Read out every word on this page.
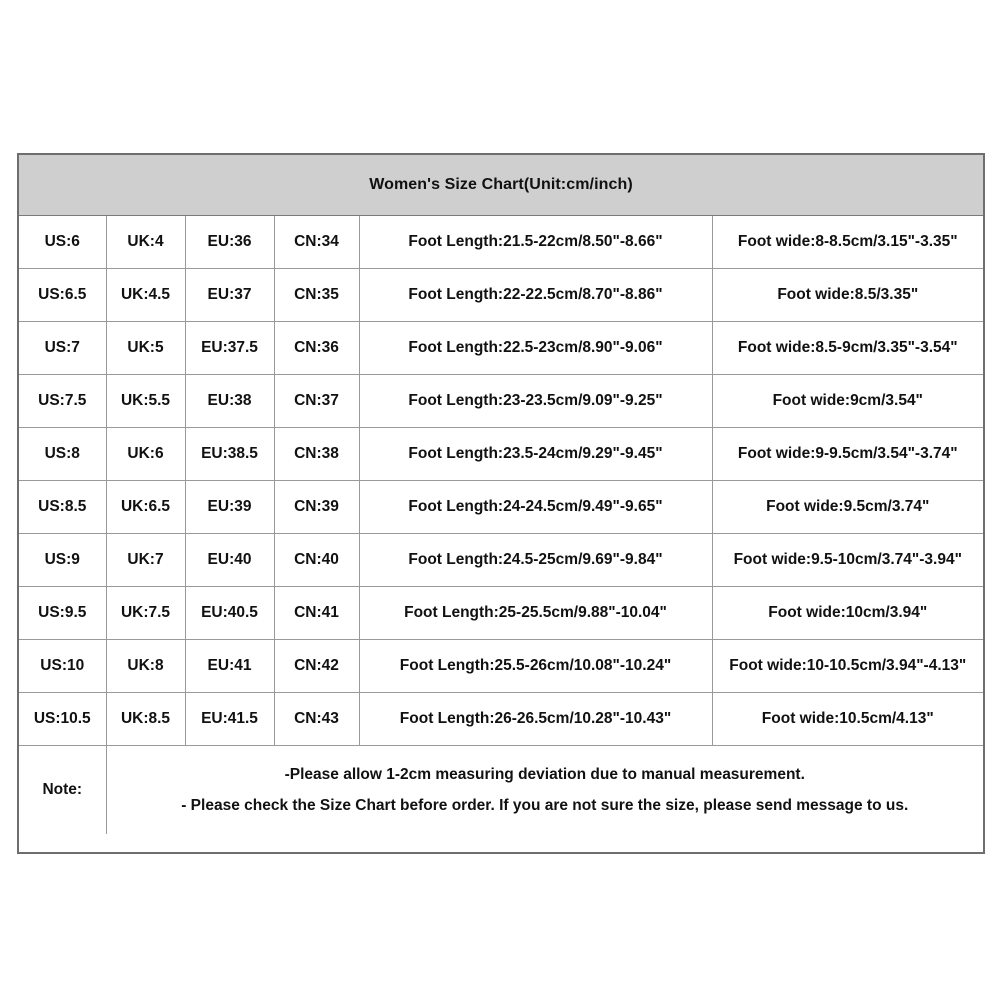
Women's Size Chart(Unit:cm/inch)
US:6	UK:4	EU:36	CN:34	Foot Length:21.5-22cm/8.50"-8.66"	Foot wide:8-8.5cm/3.15"-3.35"
US:6.5	UK:4.5	EU:37	CN:35	Foot Length:22-22.5cm/8.70"-8.86"	Foot wide:8.5/3.35"
US:7	UK:5	EU:37.5	CN:36	Foot Length:22.5-23cm/8.90"-9.06"	Foot wide:8.5-9cm/3.35"-3.54"
US:7.5	UK:5.5	EU:38	CN:37	Foot Length:23-23.5cm/9.09"-9.25"	Foot wide:9cm/3.54"
US:8	UK:6	EU:38.5	CN:38	Foot Length:23.5-24cm/9.29"-9.45"	Foot wide:9-9.5cm/3.54"-3.74"
US:8.5	UK:6.5	EU:39	CN:39	Foot Length:24-24.5cm/9.49"-9.65"	Foot wide:9.5cm/3.74"
US:9	UK:7	EU:40	CN:40	Foot Length:24.5-25cm/9.69"-9.84"	Foot wide:9.5-10cm/3.74"-3.94"
US:9.5	UK:7.5	EU:40.5	CN:41	Foot Length:25-25.5cm/9.88"-10.04"	Foot wide:10cm/3.94"
US:10	UK:8	EU:41	CN:42	Foot Length:25.5-26cm/10.08"-10.24"	Foot wide:10-10.5cm/3.94"-4.13"
US:10.5	UK:8.5	EU:41.5	CN:43	Foot Length:26-26.5cm/10.28"-10.43"	Foot wide:10.5cm/4.13"
Note:	-Please allow 1-2cm measuring deviation due to manual measurement.
- Please check the Size Chart before order. If you are not sure the size, please send message to us.				
